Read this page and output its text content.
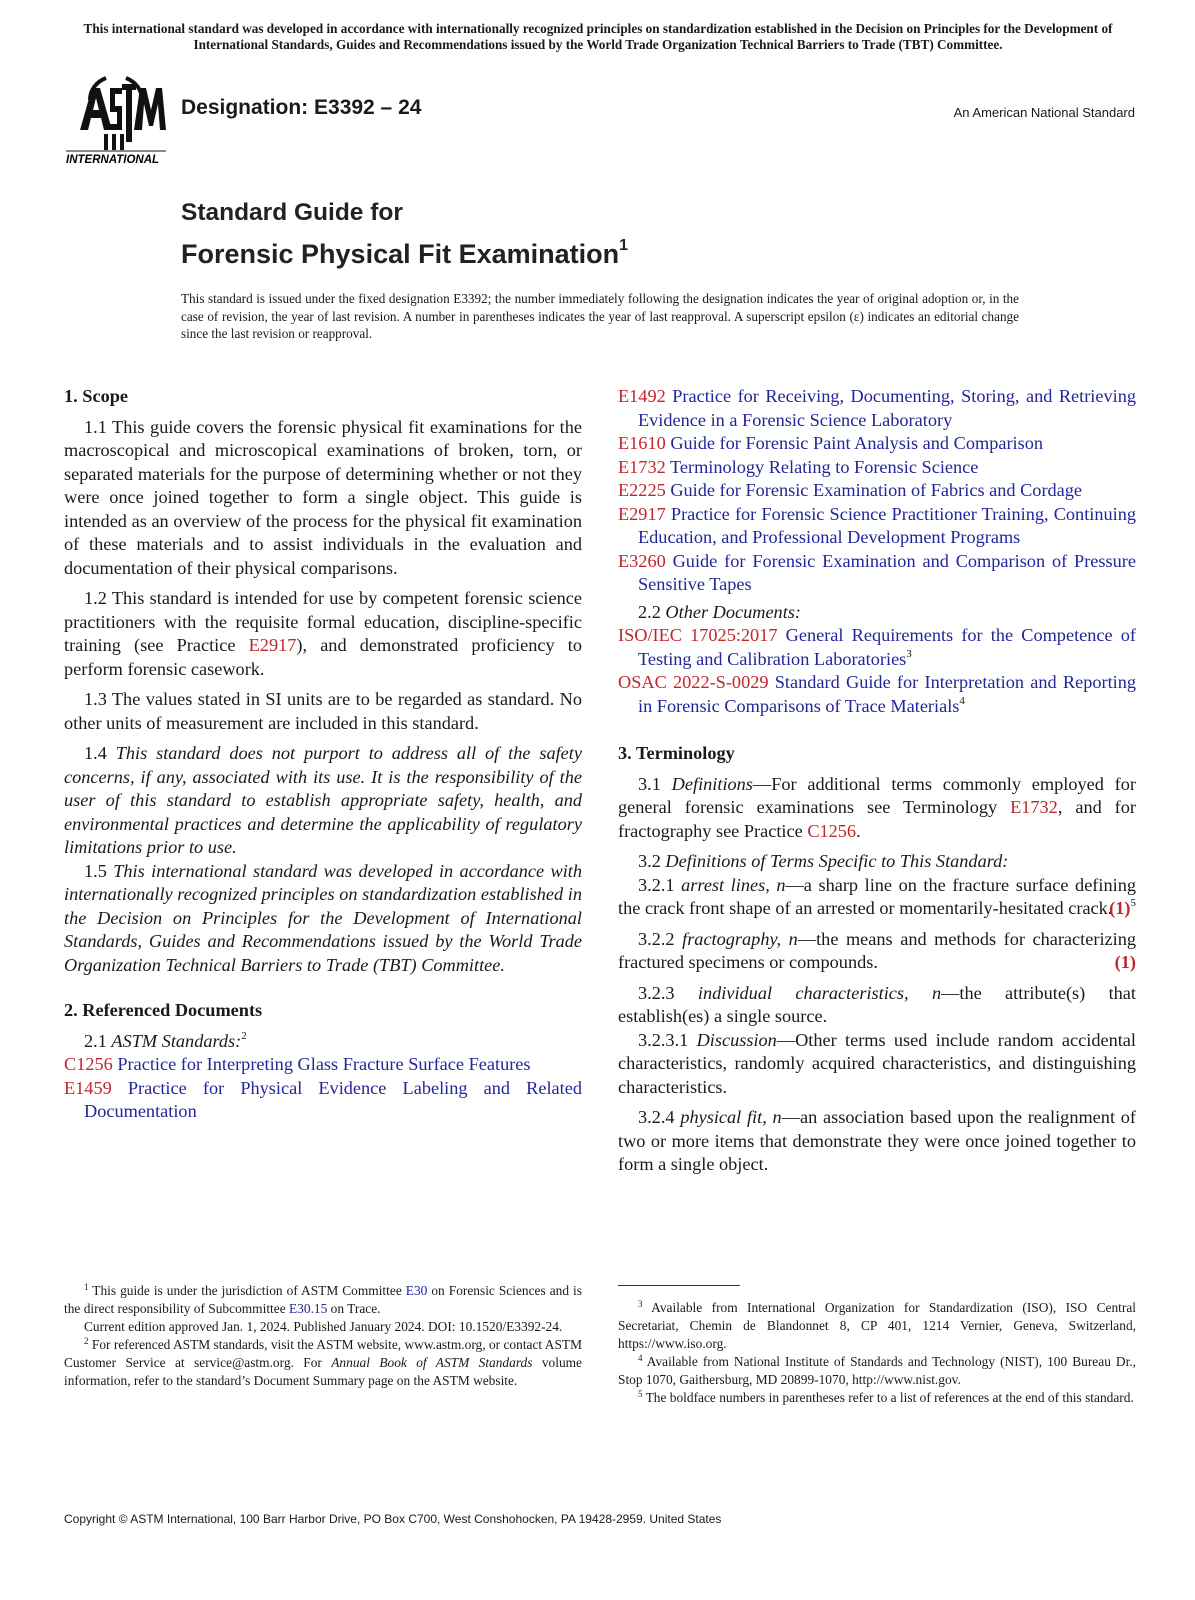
This international standard was developed in accordance with internationally recognized principles on standardization established in the Decision on Principles for the Development of International Standards, Guides and Recommendations issued by the World Trade Organization Technical Barriers to Trade (TBT) Committee.
INTERNATIONAL
Designation: E3392 – 24	An American National Standard
Standard Guide for
Forensic Physical Fit Examination$^1$
This standard is issued under the fixed designation E3392; the number immediately following the designation indicates the year of original adoption or, in the case of revision, the year of last revision. A number in parentheses indicates the year of last reapproval. A superscript epsilon (ε) indicates an editorial change since the last revision or reapproval.
1. Scope

1.1 This guide covers the forensic physical fit examinations for the macroscopical and microscopical examinations of broken, torn, or separated materials for the purpose of determining whether or not they were once joined together to form a single object. This guide is intended as an overview of the process for the physical fit examination of these materials and to assist individuals in the evaluation and documentation of their physical comparisons.

1.2 This standard is intended for use by competent forensic science practitioners with the requisite formal education, discipline-specific training (see Practice E2917), and demonstrated proficiency to perform forensic casework.

1.3 The values stated in SI units are to be regarded as standard. No other units of measurement are included in this standard.

1.4 This standard does not purport to address all of the safety concerns, if any, associated with its use. It is the responsibility of the user of this standard to establish appropriate safety, health, and environmental practices and determine the applicability of regulatory limitations prior to use.

1.5 This international standard was developed in accordance with internationally recognized principles on standardization established in the Decision on Principles for the Development of International Standards, Guides and Recommendations issued by the World Trade Organization Technical Barriers to Trade (TBT) Committee.

2. Referenced Documents

2.1 ASTM Standards:$^2$

C1256 Practice for Interpreting Glass Fracture Surface Features

E1459 Practice for Physical Evidence Labeling and Related Documentation

E1492 Practice for Receiving, Documenting, Storing, and Retrieving Evidence in a Forensic Science Laboratory

E1610 Guide for Forensic Paint Analysis and Comparison

E1732 Terminology Relating to Forensic Science

E2225 Guide for Forensic Examination of Fabrics and Cordage

E2917 Practice for Forensic Science Practitioner Training, Continuing Education, and Professional Development Programs

E3260 Guide for Forensic Examination and Comparison of Pressure Sensitive Tapes

2.2 Other Documents:

ISO/IEC 17025:2017 General Requirements for the Competence of Testing and Calibration Laboratories$^3$

OSAC 2022-S-0029 Standard Guide for Interpretation and Reporting in Forensic Comparisons of Trace Materials$^4$

3. Terminology

3.1 Definitions—For additional terms commonly employed for general forensic examinations see Terminology E1732, and for fractography see Practice C1256.

3.2 Definitions of Terms Specific to This Standard:

3.2.1 arrest lines, n—a sharp line on the fracture surface defining the crack front shape of an arrested or momentarily-hesitated crack.

$(1)^5$

3.2.2 fractography, n—the means and methods for characterizing fractured specimens or compounds.	(1)

3.2.3 individual characteristics, n—the attribute(s) that establish(es) a single source.

3.2.3.1 Discussion—Other terms used include random accidental characteristics, randomly acquired characteristics, and distinguishing characteristics.

3.2.4 physical fit, n—an association based upon the realignment of two or more items that demonstrate they were once joined together to form a single object.

$^1$ This guide is under the jurisdiction of ASTM Committee E30 on Forensic Sciences and is the direct responsibility of Subcommittee E30.15 on Trace.

Current edition approved Jan. 1, 2024. Published January 2024. DOI: 10.1520/E3392-24.

$^2$ For referenced ASTM standards, visit the ASTM website, www.astm.org, or contact ASTM Customer Service at service@astm.org. For Annual Book of ASTM Standards volume information, refer to the standard’s Document Summary page on the ASTM website.

$^3$ Available from International Organization for Standardization (ISO), ISO Central Secretariat, Chemin de Blandonnet 8, CP 401, 1214 Vernier, Geneva, Switzerland, https://www.iso.org.

$^4$ Available from National Institute of Standards and Technology (NIST), 100 Bureau Dr., Stop 1070, Gaithersburg, MD 20899-1070, http://www.nist.gov.

$^5$ The boldface numbers in parentheses refer to a list of references at the end of this standard.

Copyright © ASTM International, 100 Barr Harbor Drive, PO Box C700, West Conshohocken, PA 19428-2959. United States
